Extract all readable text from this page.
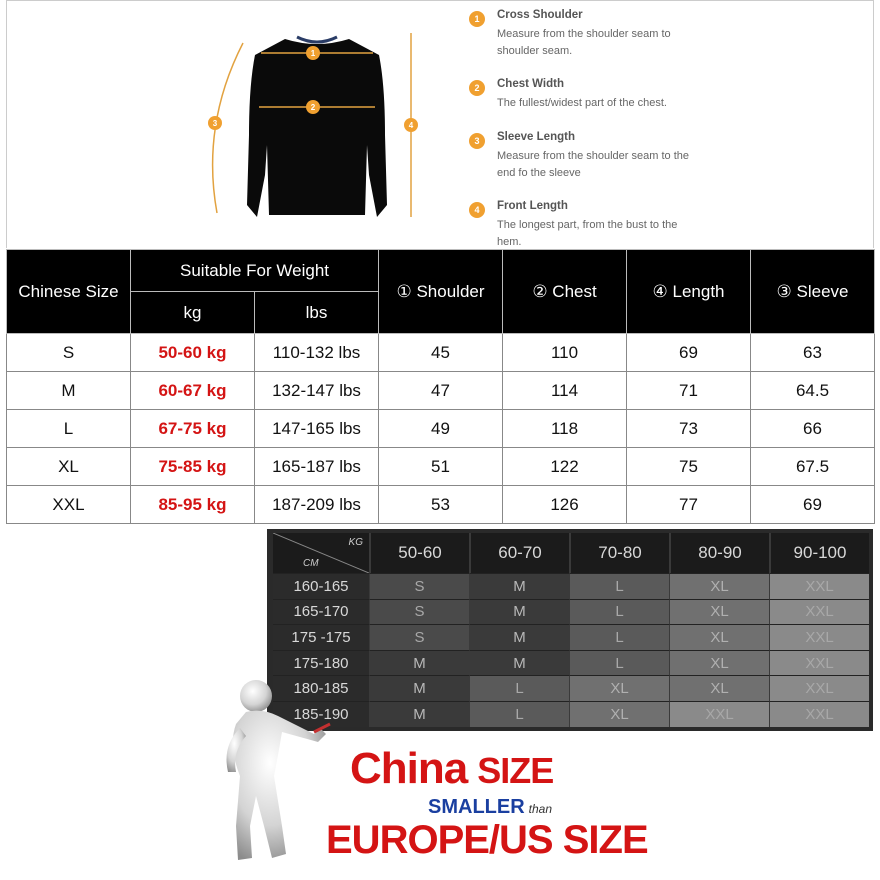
1
2
3	4
1	Cross Shoulder
Measure from the shoulder seam to shoulder seam.
2	Chest Width
The fullest/widest part of the chest.
3	Sleeve Length
Measure from the shoulder seam to the end fo the sleeve
4	Front Length
The longest part, from the bust to the hem.
Chinese Size	Suitable For Weight		① Shoulder	② Chest	④ Length	③ Sleeve
	kg	lbs				
S	50-60 kg	110-132 lbs	45	110	69	63
M	60-67 kg	132-147 lbs	47	114	71	64.5
L	67-75 kg	147-165 lbs	49	118	73	66
XL	75-85 kg	165-187 lbs	51	122	75	67.5
XXL	85-95 kg	187-209 lbs	53	126	77	69
KG
CM	50-60	60-70	70-80	80-90	90-100
160-165	S	M	L	XL	XXL
165-170	S	M	L	XL	XXL
175 -175	S	M	L	XL	XXL
175-180	M	M	L	XL	XXL
180-185	M	L	XL	XL	XXL
185-190	M	L	XL	XXL	XXL
China SIZE
SMALLER than
EUROPE/US SIZE
